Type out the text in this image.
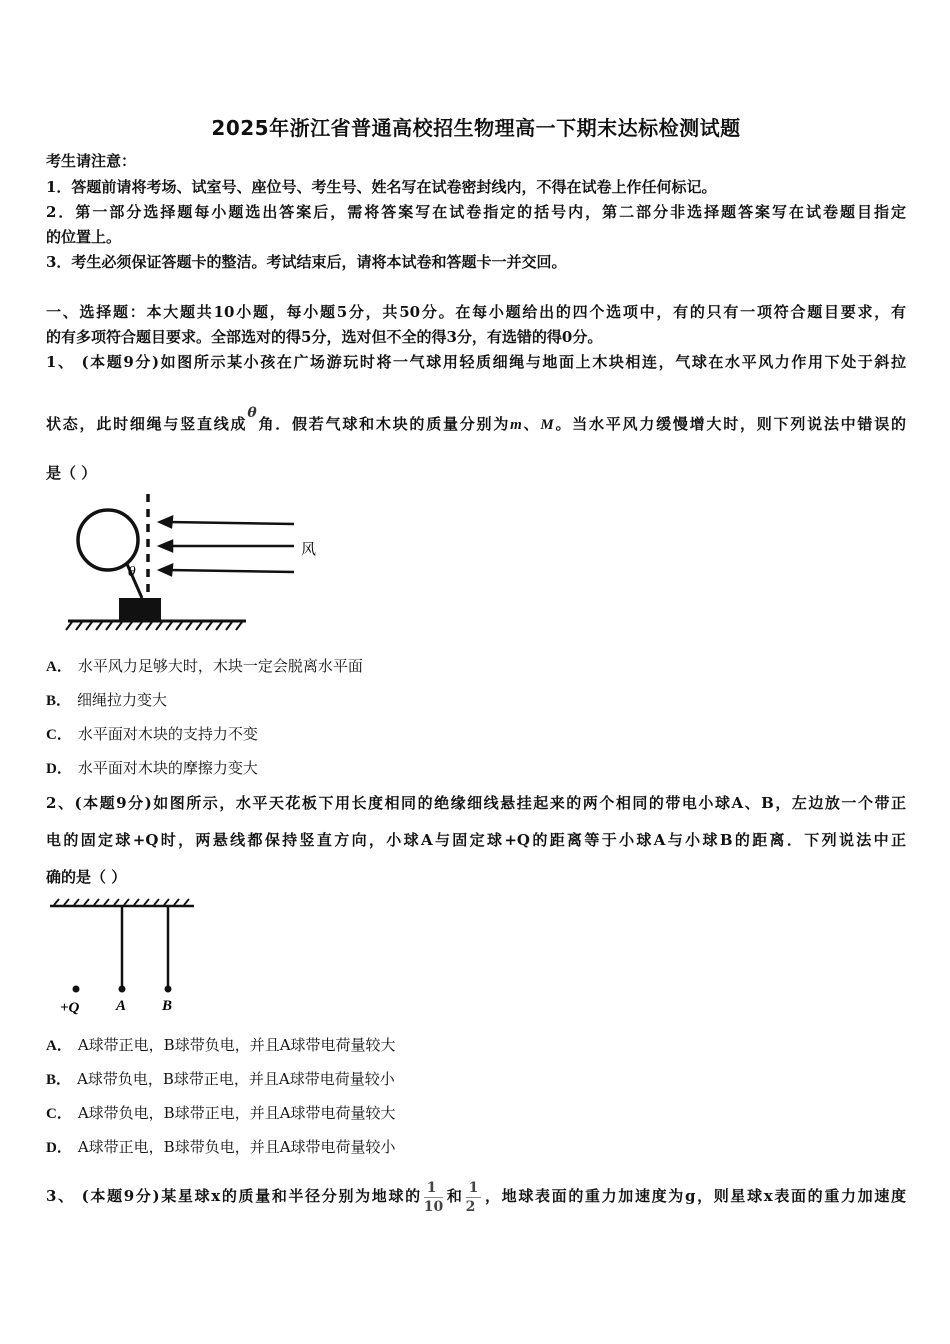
2025年浙江省普通高校招生物理高一下期末达标检测试题
考生请注意：
1．答题前请将考场、试室号、座位号、考生号、姓名写在试卷密封线内，不得在试卷上作任何标记。
2．第一部分选择题每小题选出答案后，需将答案写在试卷指定的括号内，第二部分非选择题答案写在试卷题目指定
的位置上。
3．考生必须保证答题卡的整洁。考试结束后，请将本试卷和答题卡一并交回。
一、选择题：本大题共10小题，每小题5分，共50分。在每小题给出的四个选项中，有的只有一项符合题目要求，有
的有多项符合题目要求。全部选对的得5分，选对但不全的得3分，有选错的得0分。
1、 (本题9分)如图所示某小孩在广场游玩时将一气球用轻质细绳与地面上木块相连，气球在水平风力作用下处于斜拉
状态，此时细绳与竖直线成θ角．假若气球和木块的质量分别为m、M。当水平风力缓慢增大时，则下列说法中错误的
是（ ）
风
θ
A． 水平风力足够大时，木块一定会脱离水平面
B． 细绳拉力变大
C． 水平面对木块的支持力不变
D． 水平面对木块的摩擦力变大
2、(本题9分)如图所示，水平天花板下用长度相同的绝缘细线悬挂起来的两个相同的带电小球A、B，左边放一个带正
电的固定球+Q时，两悬线都保持竖直方向，小球A与固定球+Q的距离等于小球A与小球B的距离．下列说法中正
确的是（ ）
+Q A B
A． A球带正电，B球带负电，并且A球带电荷量较大
B． A球带负电，B球带正电，并且A球带电荷量较小
C． A球带负电，B球带正电，并且A球带电荷量较大
D． A球带正电，B球带负电，并且A球带电荷量较小
3、 (本题9分)某星球x的质量和半径分别为地球的 $\frac{1}{10}$ 和 $\frac{1}{2}$ ，地球表面的重力加速度为g，则星球x表面的重力加速度
